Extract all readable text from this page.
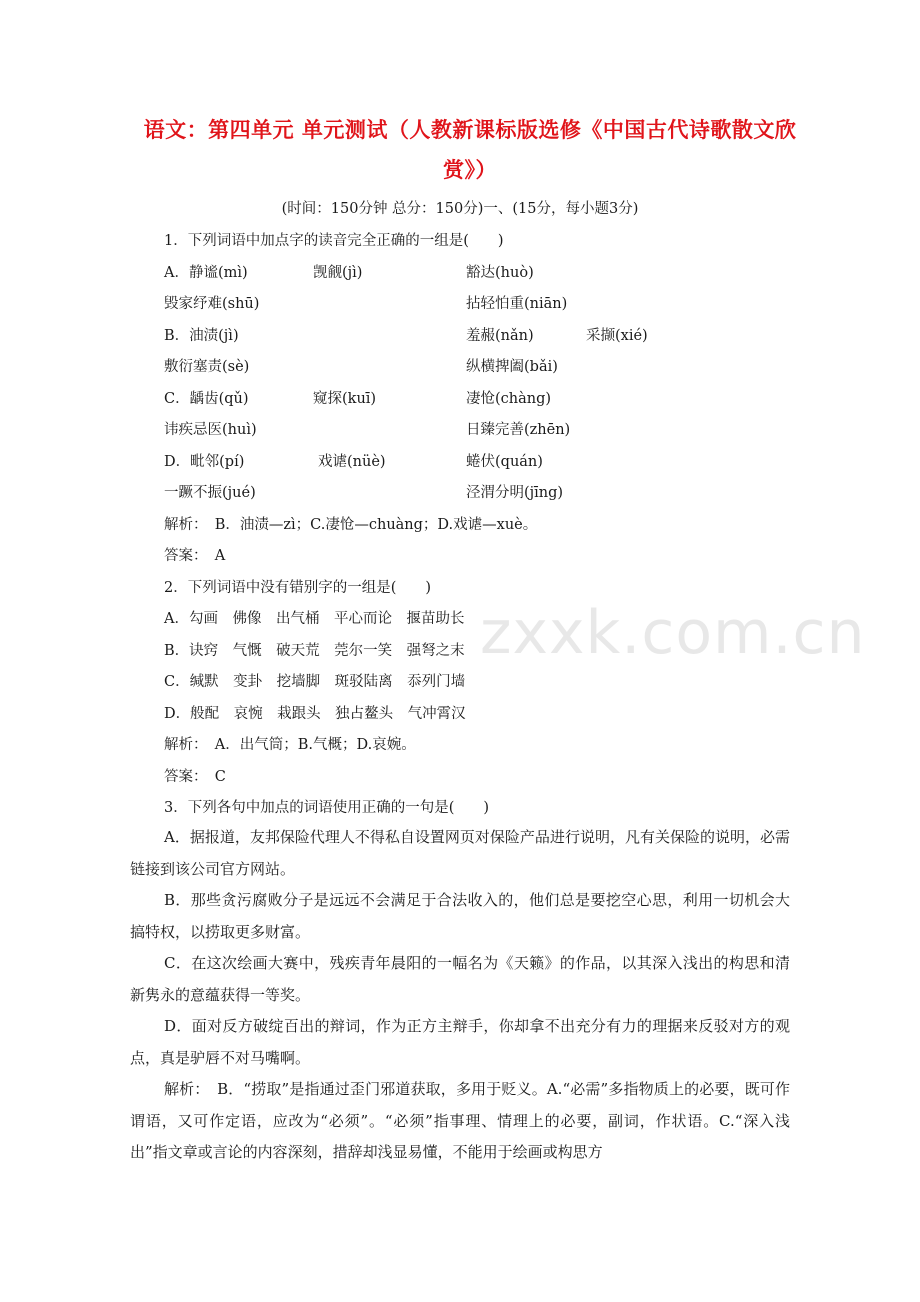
zxxk.com.cn
语文：第四单元 单元测试（人教新课标版选修《中国古代诗歌散文欣赏》）
(时间：150分钟 总分：150分)一、(15分，每小题3分)
1．下列词语中加点字的读音完全正确的一组是(　　)
A．静谧(mì)	觊觎(jì)	豁达(huò)
毁家纾难(shū)	拈轻怕重(niān)
B．油渍(jì)	羞赧(nǎn)	采撷(xié)
敷衍塞责(sè)	纵横捭阖(bǎi)
C．龋齿(qǔ)	窥探(kuī)	凄怆(chàng)
讳疾忌医(huì)	日臻完善(zhēn)
D．毗邻(pí)	戏谑(nüè)	蜷伏(quán)
一蹶不振(jué)	泾渭分明(jīng)
解析：　B．油渍—zì；C.凄怆—chuàng；D.戏谑—xuè。
答案：　A
2．下列词语中没有错别字的一组是(　　)
A．勾画　佛像　出气桶　平心而论　揠苗助长
B．诀窍　气慨　破天荒　莞尔一笑　强弩之末
C．缄默　变卦　挖墙脚　斑驳陆离　忝列门墙
D．般配　哀惋　栽跟头　独占鳌头　气冲霄汉
解析：　A．出气筒；B.气概；D.哀婉。
答案：　C
3．下列各句中加点的词语使用正确的一句是(　　)
A．据报道，友邦保险代理人不得私自设置网页对保险产品进行说明，凡有关保险的说明，必需链接到该公司官方网站。
B．那些贪污腐败分子是远远不会满足于合法收入的，他们总是要挖空心思，利用一切机会大搞特权，以捞取更多财富。
C．在这次绘画大赛中，残疾青年晨阳的一幅名为《天籁》的作品，以其深入浅出的构思和清新隽永的意蕴获得一等奖。
D．面对反方破绽百出的辩词，作为正方主辩手，你却拿不出充分有力的理据来反驳对方的观点，真是驴唇不对马嘴啊。
解析：　B．“捞取”是指通过歪门邪道获取，多用于贬义。A.“必需”多指物质上的必要，既可作谓语，又可作定语，应改为“必须”。“必须”指事理、情理上的必要，副词，作状语。C.“深入浅出”指文章或言论的内容深刻，措辞却浅显易懂，不能用于绘画或构思方
